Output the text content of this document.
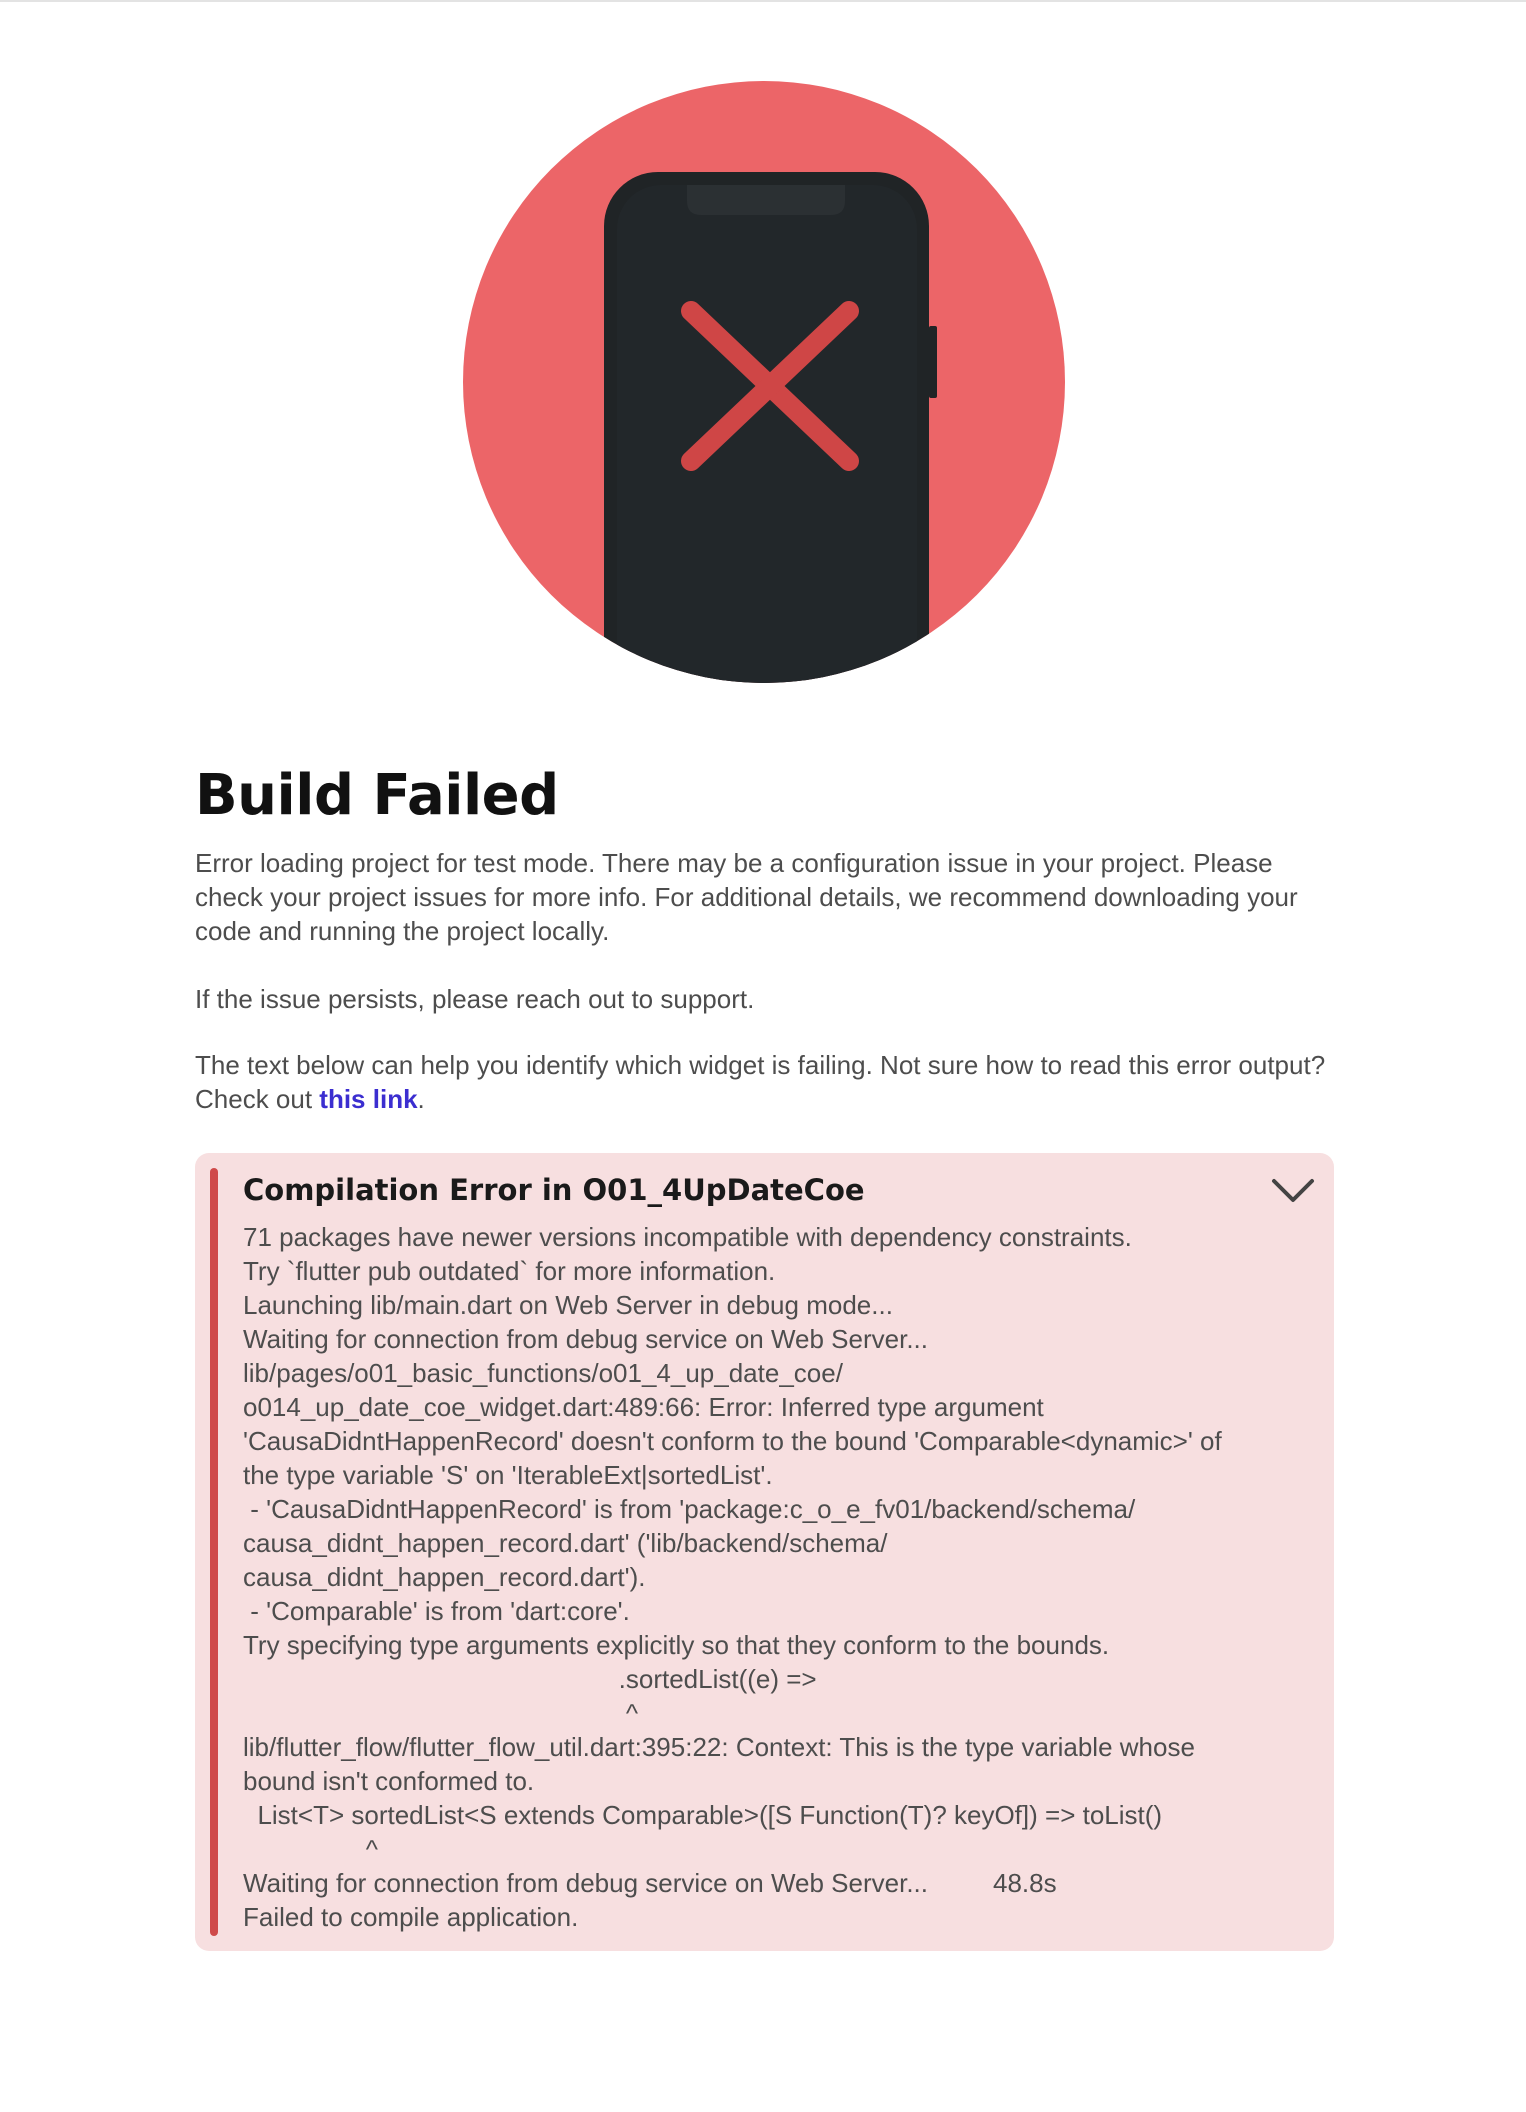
Build Failed

Error loading project for test mode. There may be a configuration issue in your project. Please check your project issues for more info. For additional details, we recommend downloading your code and running the project locally.

If the issue persists, please reach out to support.

The text below can help you identify which widget is failing. Not sure how to read this error output? Check out this link.

Compilation Error in O01_4UpDateCoe
71 packages have newer versions incompatible with dependency constraints.
Try `flutter pub outdated` for more information.
Launching lib/main.dart on Web Server in debug mode...
Waiting for connection from debug service on Web Server...
lib/pages/o01_basic_functions/o01_4_up_date_coe/
o014_up_date_coe_widget.dart:489:66: Error: Inferred type argument
'CausaDidntHappenRecord' doesn't conform to the bound 'Comparable<dynamic>' of
the type variable 'S' on 'IterableExt|sortedList'.
- 'CausaDidntHappenRecord' is from 'package:c_o_e_fv01/backend/schema/
causa_didnt_happen_record.dart' ('lib/backend/schema/
causa_didnt_happen_record.dart').
- 'Comparable' is from 'dart:core'.
Try specifying type arguments explicitly so that they conform to the bounds.
.sortedList((e) =>
^
lib/flutter_flow/flutter_flow_util.dart:395:22: Context: This is the type variable whose
bound isn't conformed to.
List<T> sortedList<S extends Comparable>([S Function(T)? keyOf]) => toList()
^
Waiting for connection from debug service on Web Server...         48.8s
Failed to compile application.
